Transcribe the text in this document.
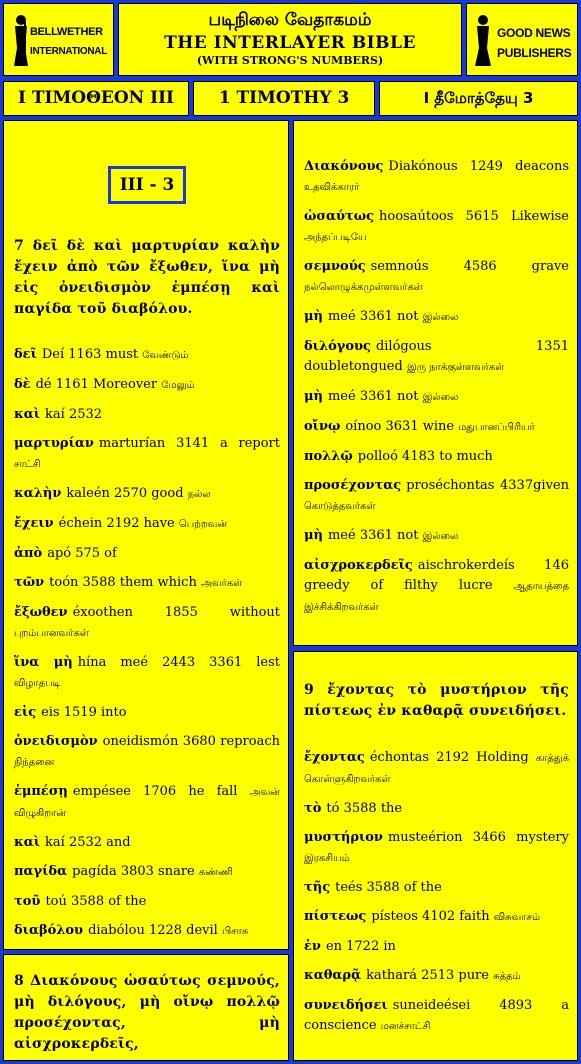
BELLWETHER
INTERNATIONAL
படிநிலை வேதாகமம்
THE INTERLAYER BIBLE
(WITH STRONG'S NUMBERS)
GOOD NEWS
PUBLISHERS
Ι ΤΙΜΟΘΕΟΝ ΙΙΙ	1 TIMOTHY 3	I தீமோத்தேயு 3
III - 3
7 δεῖ δὲ καὶ μαρτυρίαν καλὴν ἔχειν ἀπὸ τῶν ἔξωθεν, ἵνα μὴ εἰς ὀνειδισμὸν ἐμπέσῃ καὶ παγίδα τοῦ διαβόλου.
δεῖ Deí 1163 must வேண்டும்
δὲ dé 1161 Moreover மேலும்
καὶ kaí 2532
μαρτυρίαν marturían 3141 a report சாட்சி
καλὴν kaleén 2570 good நல்ல
ἔχειν échein 2192 have பெற்றவன்
ἀπὸ apó 575 of
τῶν toón 3588 them which அவர்கள்
ἔξωθεν éxoothen 1855 without புறம்பானவர்கள்
ἵνα μὴ hína meé 2443 3361 lest விழாதபடி
εἰς eis 1519 into
ὀνειδισμὸν oneidismón 3680 reproach நிந்தனை
ἐμπέσῃ empésee 1706 he fall அவன் விழுகிறான்
καὶ kaí 2532 and
παγίδα pagída 3803 snare கண்ணி
τοῦ toú 3588 of the
διαβόλου diabólou 1228 devil பிசாசு
Διακόνους Diakónous 1249 deacons உதவிக்காரர்
ὡσαύτως hoosaútoos 5615 Likewise அந்தப்படியே
σεμνούς semnoús 4586 grave நல்லொழுக்கமுள்ளவர்கள்
μὴ meé 3361 not இல்லை
διλόγους dilógous 1351 doubletongued இரு நாக்குள்ளவர்கள்
μὴ meé 3361 not இல்லை
οἴνῳ oínoo 3631 wine மதுபானப்பிரியர்
πολλῷ polloó 4183 to much
προσέχοντας proséchontas 4337given கொடுத்தவர்கள்
μὴ meé 3361 not இல்லை
αἰσχροκερδεῖς aischrokerdeís 146 greedy of filthy lucre ஆதாயத்தை இச்சிக்கிறவர்கள்
9 ἔχοντας τὸ μυστήριον τῆς πίστεως ἐν καθαρᾷ συνειδήσει.
ἔχοντας échontas 2192 Holding காத்துக் கொள்ளுகிறவர்கள்
τὸ tó 3588 the
μυστήριον musteérion 3466 mystery இரகசியம்
τῆς teés 3588 of the
πίστεως písteos 4102 faith விசுவாசம்
ἐν en 1722 in
καθαρᾷ kathará 2513 pure சுத்தம்
συνειδήσει suneideései 4893 a conscience மனச்சாட்சி
8 Διακόνους ὡσαύτως σεμνούς, μὴ διλόγους, μὴ οἴνῳ πολλῷ προσέχοντας, μὴ αἰσχροκερδεῖς,
